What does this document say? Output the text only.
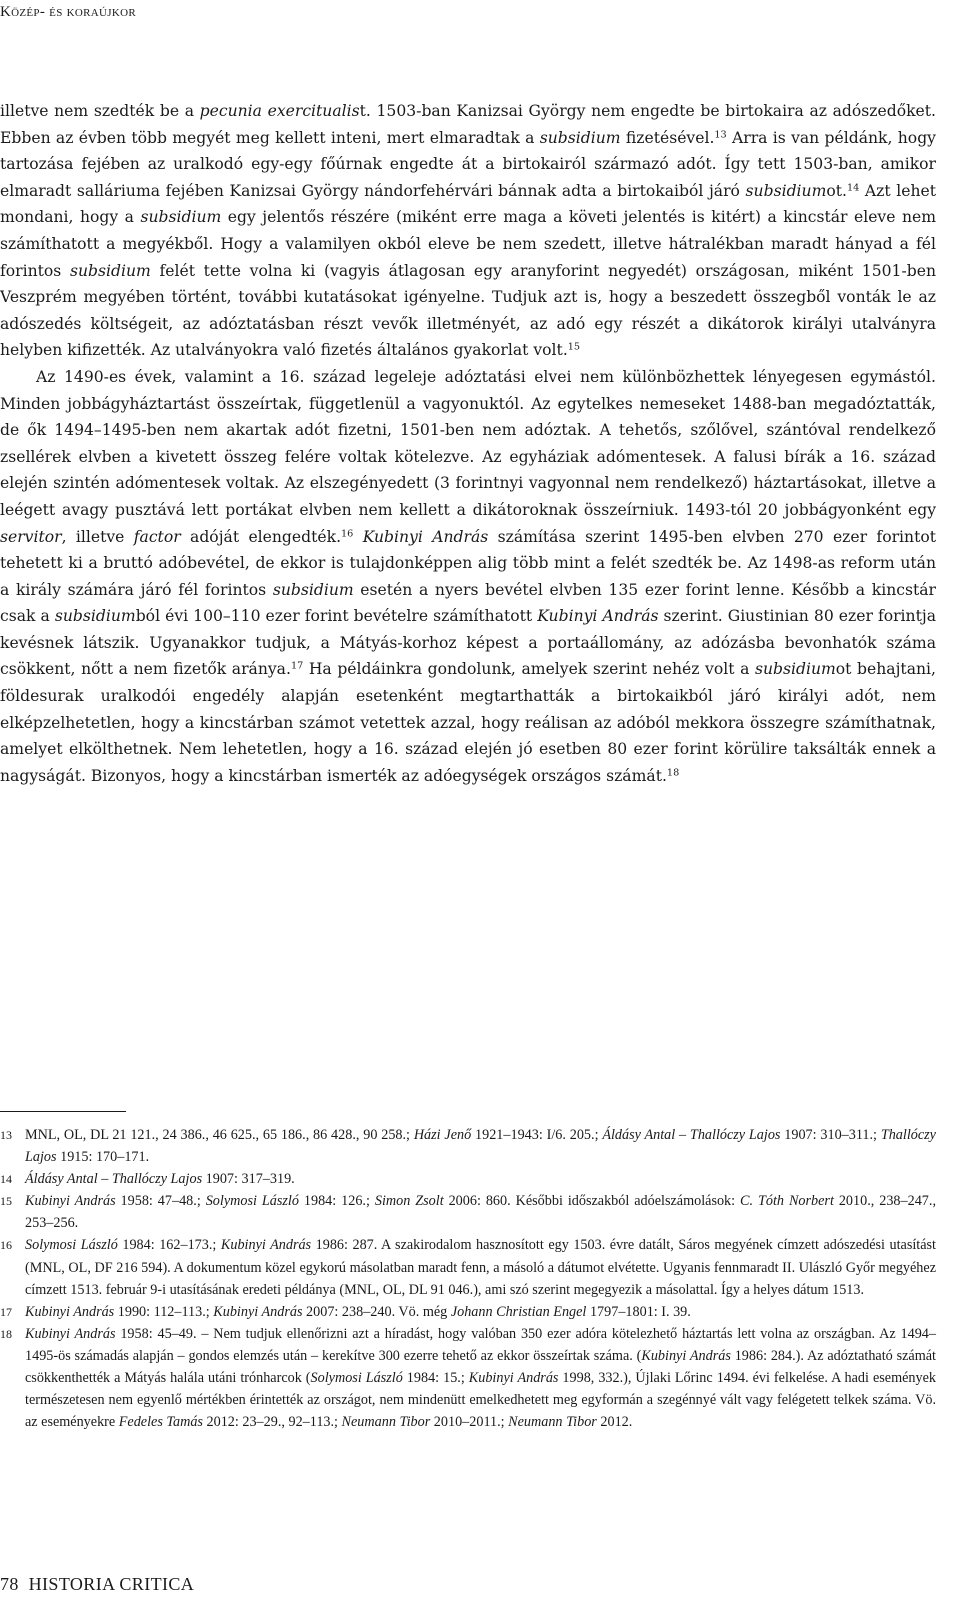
Közép- és koraújkor

illetve nem szedték be a pecunia exercitualist. 1503-ban Kanizsai György nem engedte be birtokaira az adószedőket. Ebben az évben több megyét meg kellett inteni, mert elmaradtak a subsidium fizetésével.$^{13}$ Arra is van példánk, hogy tartozása fejében az uralkodó egy-egy főúrnak engedte át a birtokairól származó adót. Így tett 1503-ban, amikor elmaradt salláriuma fejében Kanizsai György nándorfehérvári bánnak adta a birtokaiból járó subsidiumot.$^{14}$ Azt lehet mondani, hogy a subsidium egy jelentős részére (miként erre maga a követi jelentés is kitért) a kincstár eleve nem számíthatott a megyékből. Hogy a valamilyen okból eleve be nem szedett, illetve hátralékban maradt hányad a fél forintos subsidium felét tette volna ki (vagyis átlagosan egy aranyforint negyedét) országosan, miként 1501-ben Veszprém megyében történt, további kutatásokat igényelne. Tudjuk azt is, hogy a beszedett összegből vonták le az adószedés költségeit, az adóztatásban részt vevők illetményét, az adó egy részét a dikátorok királyi utalványra helyben kifizették. Az utalványokra való fizetés általános gyakorlat volt.$^{15}$

Az 1490-es évek, valamint a 16. század legeleje adóztatási elvei nem különbözhettek lényegesen egymástól. Minden jobbágyháztartást összeírtak, függetlenül a vagyonuktól. Az egytelkes nemeseket 1488-ban megadóztatták, de ők 1494–1495-ben nem akartak adót fizetni, 1501-ben nem adóztak. A tehetős, szőlővel, szántóval rendelkező zsellérek elvben a kivetett összeg felére voltak kötelezve. Az egyháziak adómentesek. A falusi bírák a 16. század elején szintén adómentesek voltak. Az elszegényedett (3 forintnyi vagyonnal nem rendelkező) háztartásokat, illetve a leégett avagy pusztává lett portákat elvben nem kellett a dikátoroknak összeírniuk. 1493-tól 20 jobbágyonként egy servitor, illetve factor adóját elengedték.$^{16}$ Kubinyi András számítása szerint 1495-ben elvben 270 ezer forintot tehetett ki a bruttó adóbevétel, de ekkor is tulajdonképpen alig több mint a felét szedték be. Az 1498-as reform után a király számára járó fél forintos subsidium esetén a nyers bevétel elvben 135 ezer forint lenne. Később a kincstár csak a subsidiumból évi 100–110 ezer forint bevételre számíthatott Kubinyi András szerint. Giustinian 80 ezer forintja kevésnek látszik. Ugyanakkor tudjuk, a Mátyás-korhoz képest a portaállomány, az adózásba bevonhatók száma csökkent, nőtt a nem fizetők aránya.$^{17}$ Ha példáinkra gondolunk, amelyek szerint nehéz volt a subsidiumot behajtani, földesurak uralkodói engedély alapján esetenként megtarthatták a birtokaikból járó királyi adót, nem elképzelhetetlen, hogy a kincstárban számot vetettek azzal, hogy reálisan az adóból mekkora összegre számíthatnak, amelyet elkölthetnek. Nem lehetetlen, hogy a 16. század elején jó esetben 80 ezer forint körülire taksálták ennek a nagyságát. Bizonyos, hogy a kincstárban ismerték az adóegységek országos számát.$^{18}$

13 MNL, OL, DL 21 121., 24 386., 46 625., 65 186., 86 428., 90 258.; Házi Jenő 1921–1943: I/6. 205.; Áldásy Antal – Thallóczy Lajos 1907: 310–311.; Thallóczy Lajos 1915: 170–171.
14 Áldásy Antal – Thallóczy Lajos 1907: 317–319.
15 Kubinyi András 1958: 47–48.; Solymosi László 1984: 126.; Simon Zsolt 2006: 860. Későbbi időszakból adóelszámolások: C. Tóth Norbert 2010., 238–247., 253–256.
16 Solymosi László 1984: 162–173.; Kubinyi András 1986: 287. A szakirodalom hasznosított egy 1503. évre datált, Sáros megyének címzett adószedési utasítást (MNL, OL, DF 216 594). A dokumentum közel egykorú másolatban maradt fenn, a másoló a dátumot elvétette. Ugyanis fennmaradt II. Ulászló Győr megyéhez címzett 1513. február 9-i utasításának eredeti példánya (MNL, OL, DL 91 046.), ami szó szerint megegyezik a másolattal. Így a helyes dátum 1513.
17 Kubinyi András 1990: 112–113.; Kubinyi András 2007: 238–240. Vö. még Johann Christian Engel 1797–1801: I. 39.
18 Kubinyi András 1958: 45–49. – Nem tudjuk ellenőrizni azt a híradást, hogy valóban 350 ezer adóra kötelezhető háztartás lett volna az országban. Az 1494–1495-ös számadás alapján – gondos elemzés után – kerekítve 300 ezerre tehető az ekkor összeírtak száma. (Kubinyi András 1986: 284.). Az adóztatható számát csökkenthették a Mátyás halála utáni trónharcok (Solymosi László 1984: 15.; Kubinyi András 1998, 332.), Újlaki Lőrinc 1494. évi felkelése. A hadi események természetesen nem egyenlő mértékben érintették az országot, nem mindenütt emelkedhetett meg egyformán a szegénnyé vált vagy felégetett telkek száma. Vö. az eseményekre Fedeles Tamás 2012: 23–29., 92–113.; Neumann Tibor 2010–2011.; Neumann Tibor 2012.
78 HISTORIA CRITICA
